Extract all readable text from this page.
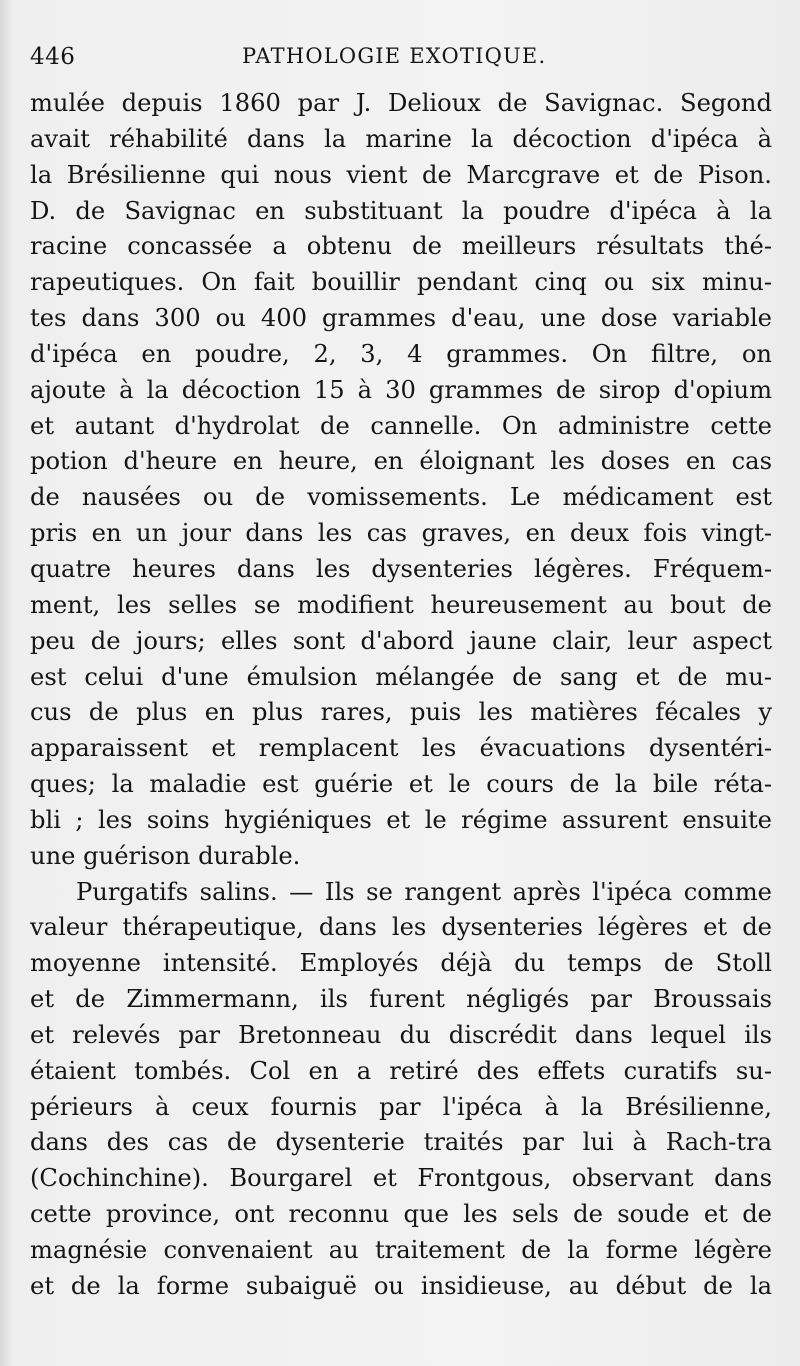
446	PATHOLOGIE EXOTIQUE.
mulée depuis 1860 par J. Delioux de Savignac. Segond
avait réhabilité dans la marine la décoction d'ipéca à
la Brésilienne qui nous vient de Marcgrave et de Pison.
D. de Savignac en substituant la poudre d'ipéca à la
racine concassée a obtenu de meilleurs résultats thé-
rapeutiques. On fait bouillir pendant cinq ou six minu-
tes dans 300 ou 400 grammes d'eau, une dose variable
d'ipéca en poudre, 2, 3, 4 grammes. On filtre, on
ajoute à la décoction 15 à 30 grammes de sirop d'opium
et autant d'hydrolat de cannelle. On administre cette
potion d'heure en heure, en éloignant les doses en cas
de nausées ou de vomissements. Le médicament est
pris en un jour dans les cas graves, en deux fois vingt-
quatre heures dans les dysenteries légères. Fréquem-
ment, les selles se modifient heureusement au bout de
peu de jours; elles sont d'abord jaune clair, leur aspect
est celui d'une émulsion mélangée de sang et de mu-
cus de plus en plus rares, puis les matières fécales y
apparaissent et remplacent les évacuations dysentéri-
ques; la maladie est guérie et le cours de la bile réta-
bli ; les soins hygiéniques et le régime assurent ensuite
une guérison durable.
Purgatifs salins. — Ils se rangent après l'ipéca comme
valeur thérapeutique, dans les dysenteries légères et de
moyenne intensité. Employés déjà du temps de Stoll
et de Zimmermann, ils furent négligés par Broussais
et relevés par Bretonneau du discrédit dans lequel ils
étaient tombés. Col en a retiré des effets curatifs su-
périeurs à ceux fournis par l'ipéca à la Brésilienne,
dans des cas de dysenterie traités par lui à Rach-tra
(Cochinchine). Bourgarel et Frontgous, observant dans
cette province, ont reconnu que les sels de soude et de
magnésie convenaient au traitement de la forme légère
et de la forme subaiguë ou insidieuse, au début de la
